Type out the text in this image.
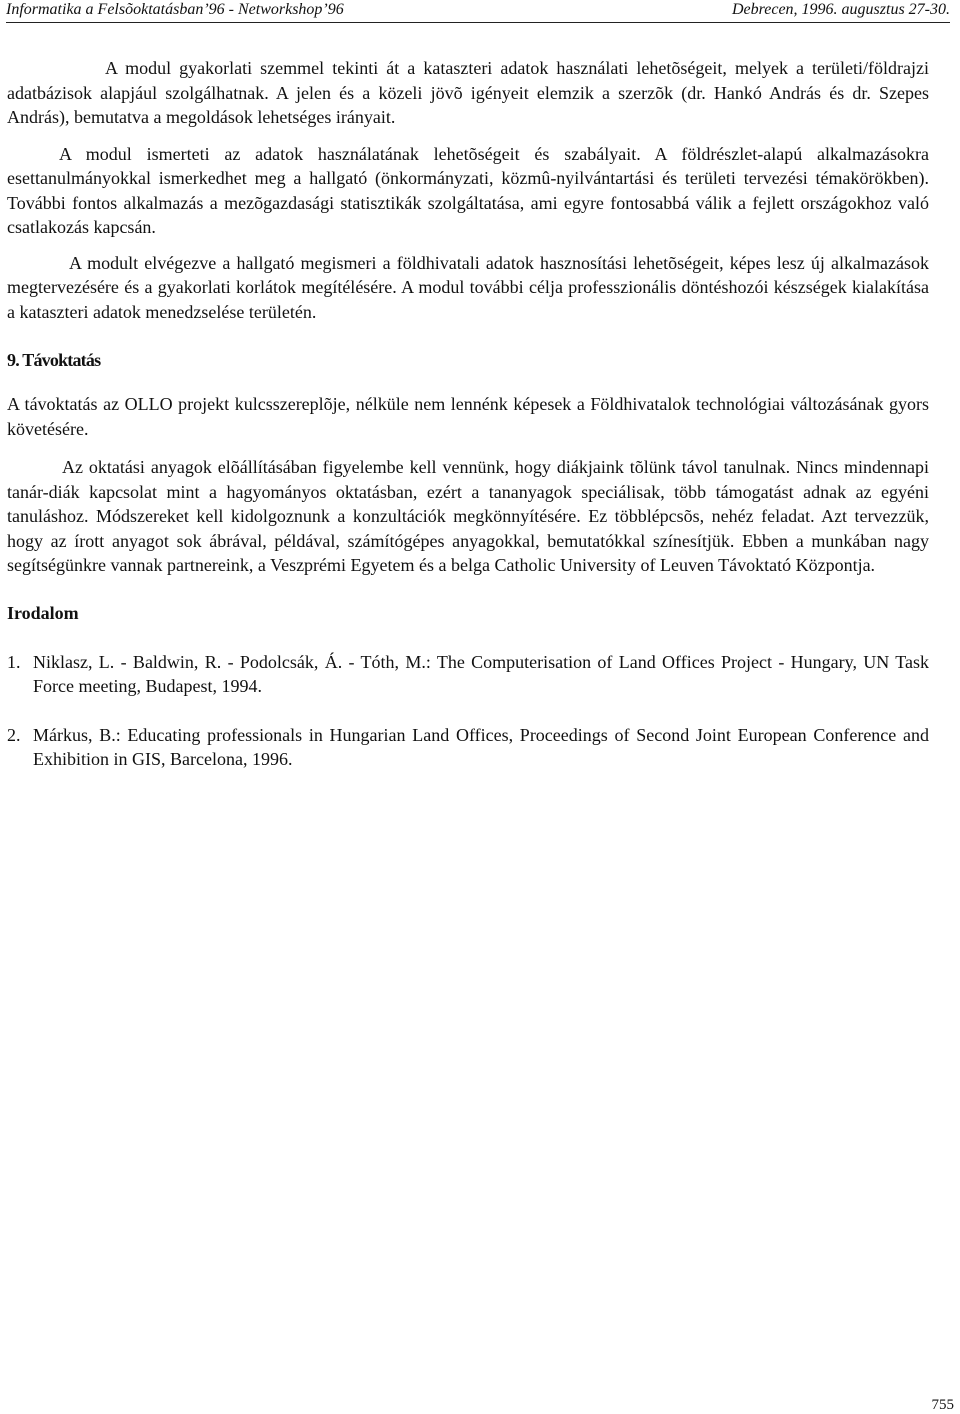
Informatika a Felsõoktatásban’96 - Networkshop’96	Debrecen, 1996. augusztus 27-30.

A modul gyakorlati szemmel tekinti át a kataszteri adatok használati lehetõségeit, melyek a területi/földrajzi adatbázisok alapjául szolgálhatnak. A jelen és a közeli jövõ igényeit elemzik a szerzõk (dr. Hankó András és dr. Szepes András), bemutatva a megoldások lehetséges irányait.

A modul ismerteti az adatok használatának lehetõségeit és szabályait. A földrészlet-alapú alkalmazásokra esettanulmányokkal ismerkedhet meg a hallgató (önkormányzati, közmû-nyilvántartási és területi tervezési témakörökben). További fontos alkalmazás a mezõgazdasági statisztikák szolgáltatása, ami egyre fontosabbá válik a fejlett országokhoz való csatlakozás kapcsán.

A modult elvégezve a hallgató megismeri a földhivatali adatok hasznosítási lehetõségeit, képes lesz új alkalmazások megtervezésére és a gyakorlati korlátok megítélésére. A modul további célja professzionális döntéshozói készségek kialakítása a kataszteri adatok menedzselése területén.

9. Távoktatás

A távoktatás az OLLO projekt kulcsszereplõje, nélküle nem lennénk képesek a Földhivatalok technológiai változásának gyors követésére.

Az oktatási anyagok elõállításában figyelembe kell vennünk, hogy diákjaink tõlünk távol tanulnak. Nincs mindennapi tanár-diák kapcsolat mint a hagyományos oktatásban, ezért a tananyagok speciálisak, több támogatást adnak az egyéni tanuláshoz. Módszereket kell kidolgoznunk a konzultációk megkönnyítésére. Ez többlépcsõs, nehéz feladat. Azt tervezzük, hogy az írott anyagot sok ábrával, példával, számítógépes anyagokkal, bemutatókkal színesítjük. Ebben a munkában nagy segítségünkre vannak partnereink, a Veszprémi Egyetem és a belga Catholic University of Leuven Távoktató Központja.

Irodalom
1. Niklasz, L. - Baldwin, R. - Podolcsák, Á. - Tóth, M.: The Computerisation of Land Offices Project - Hungary, UN Task Force meeting, Budapest, 1994.
2. Márkus, B.: Educating professionals in Hungarian Land Offices, Proceedings of Second Joint European Conference and Exhibition in GIS, Barcelona, 1996.
755
